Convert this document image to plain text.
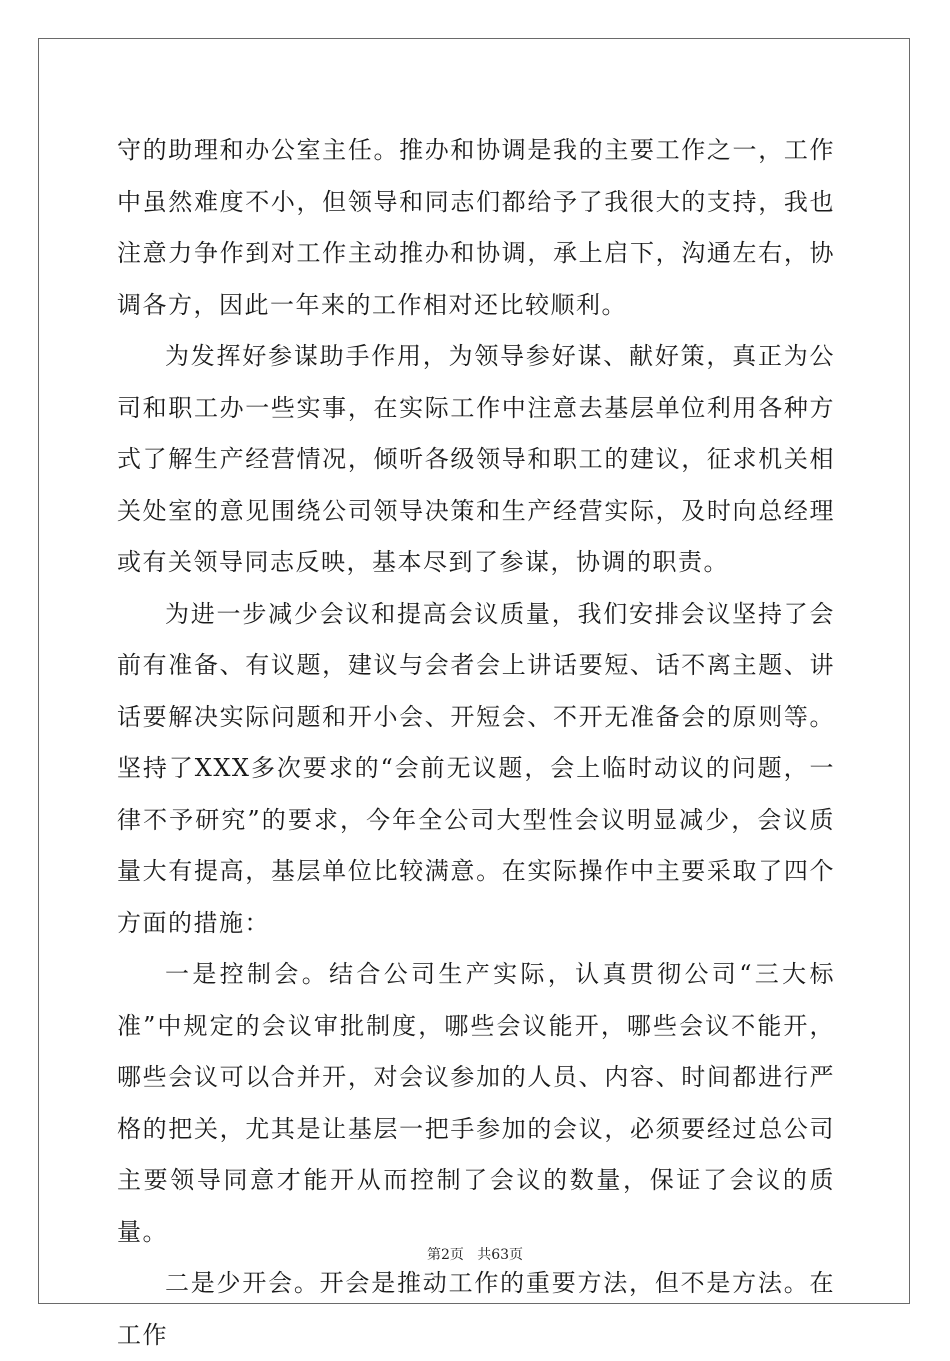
守的助理和办公室主任。推办和协调是我的主要工作之一，工作中虽然难度不小，但领导和同志们都给予了我很大的支持，我也注意力争作到对工作主动推办和协调，承上启下，沟通左右，协调各方，因此一年来的工作相对还比较顺利。

为发挥好参谋助手作用，为领导参好谋、献好策，真正为公司和职工办一些实事，在实际工作中注意去基层单位利用各种方式了解生产经营情况，倾听各级领导和职工的建议，征求机关相关处室的意见围绕公司领导决策和生产经营实际，及时向总经理或有关领导同志反映，基本尽到了参谋，协调的职责。

为进一步减少会议和提高会议质量，我们安排会议坚持了会前有准备、有议题，建议与会者会上讲话要短、话不离主题、讲话要解决实际问题和开小会、开短会、不开无准备会的原则等。坚持了XXX多次要求的“会前无议题，会上临时动议的问题，一律不予研究”的要求，今年全公司大型性会议明显减少，会议质量大有提高，基层单位比较满意。在实际操作中主要采取了四个方面的措施：

一是控制会。结合公司生产实际，认真贯彻公司“三大标准”中规定的会议审批制度，哪些会议能开，哪些会议不能开，哪些会议可以合并开，对会议参加的人员、内容、时间都进行严格的把关，尤其是让基层一把手参加的会议，必须要经过总公司主要领导同意才能开从而控制了会议的数量，保证了会议的质量。

二是少开会。开会是推动工作的重要方法，但不是方法。在工作

第2页   共63页
